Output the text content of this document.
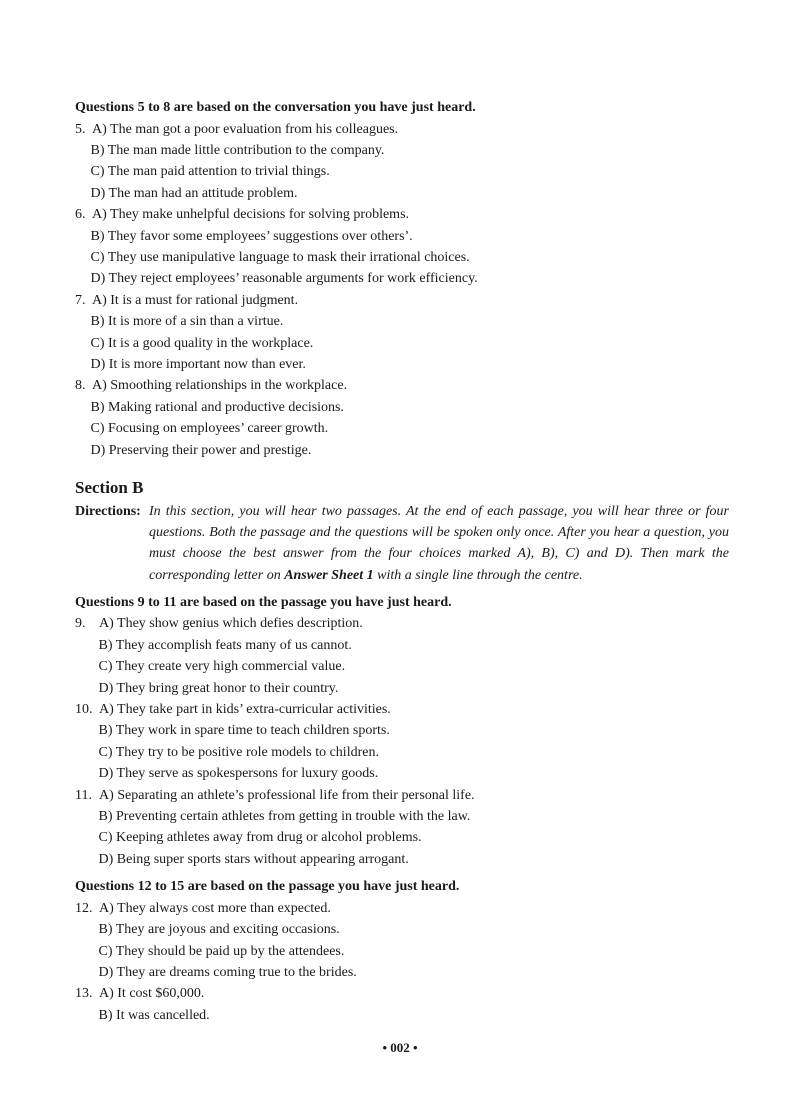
Questions 5 to 8 are based on the conversation you have just heard.
5. A) The man got a poor evaluation from his colleagues.
B) The man made little contribution to the company.
C) The man paid attention to trivial things.
D) The man had an attitude problem.
6. A) They make unhelpful decisions for solving problems.
B) They favor some employees’ suggestions over others’.
C) They use manipulative language to mask their irrational choices.
D) They reject employees’ reasonable arguments for work efficiency.
7. A) It is a must for rational judgment.
B) It is more of a sin than a virtue.
C) It is a good quality in the workplace.
D) It is more important now than ever.
8. A) Smoothing relationships in the workplace.
B) Making rational and productive decisions.
C) Focusing on employees’ career growth.
D) Preserving their power and prestige.
Section B
Directions: In this section, you will hear two passages. At the end of each passage, you will hear three or four questions. Both the passage and the questions will be spoken only once. After you hear a question, you must choose the best answer from the four choices marked A), B), C) and D). Then mark the corresponding letter on Answer Sheet 1 with a single line through the centre.
Questions 9 to 11 are based on the passage you have just heard.
9. A) They show genius which defies description.
B) They accomplish feats many of us cannot.
C) They create very high commercial value.
D) They bring great honor to their country.
10. A) They take part in kids’ extra-curricular activities.
B) They work in spare time to teach children sports.
C) They try to be positive role models to children.
D) They serve as spokespersons for luxury goods.
11. A) Separating an athlete’s professional life from their personal life.
B) Preventing certain athletes from getting in trouble with the law.
C) Keeping athletes away from drug or alcohol problems.
D) Being super sports stars without appearing arrogant.
Questions 12 to 15 are based on the passage you have just heard.
12. A) They always cost more than expected.
B) They are joyous and exciting occasions.
C) They should be paid up by the attendees.
D) They are dreams coming true to the brides.
13. A) It cost $60,000.
B) It was cancelled.
• 002 •
